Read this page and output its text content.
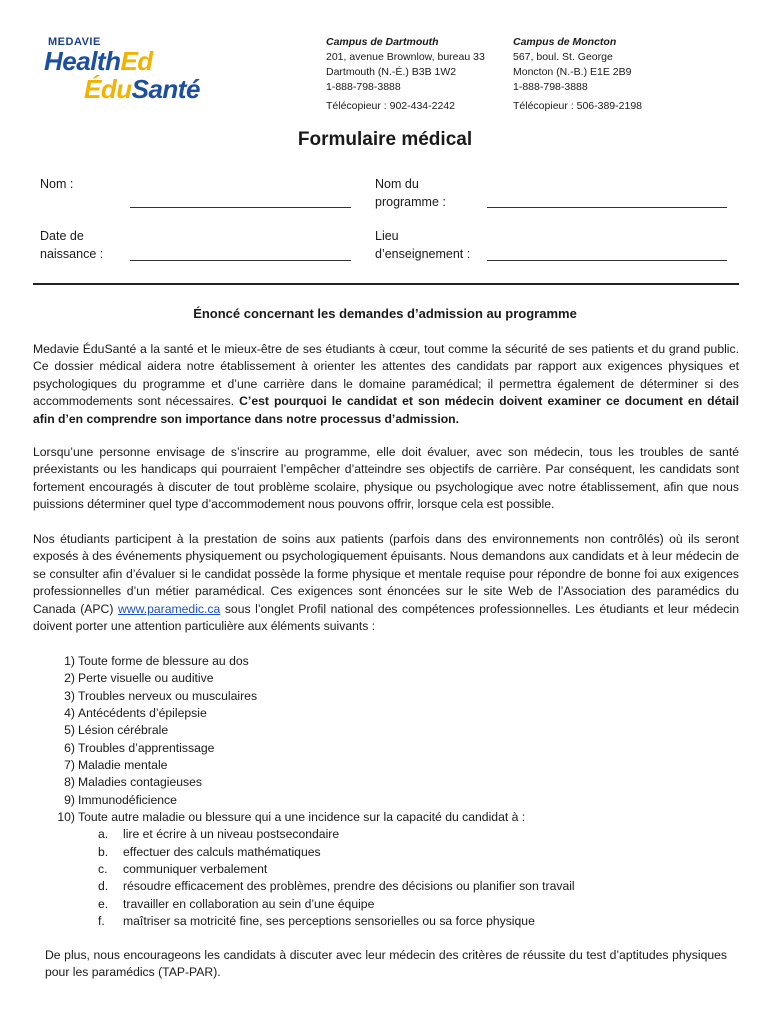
MEDAVIE
HealthEd
ÉduSanté
Campus de Dartmouth
201, avenue Brownlow, bureau 33
Dartmouth (N.-É.) B3B 1W2
1-888-798-3888
Télécopieur : 902-434-2242
Campus de Moncton
567, boul. St. George
Moncton (N.-B.) E1E 2B9
1-888-798-3888
Télécopieur : 506-389-2198
Formulaire médical
Nom :	Nom du
programme :
Date de
naissance :
Lieu
d’enseignement :
Énoncé concernant les demandes d’admission au programme

Medavie ÉduSanté a la santé et le mieux-être de ses étudiants à cœur, tout comme la sécurité de ses patients et du grand public. Ce dossier médical aidera notre établissement à orienter les attentes des candidats par rapport aux exigences physiques et psychologiques du programme et d’une carrière dans le domaine paramédical; il permettra également de déterminer si des accommodements sont nécessaires. C’est pourquoi le candidat et son médecin doivent examiner ce document en détail afin d’en comprendre son importance dans notre processus d’admission.

Lorsqu’une personne envisage de s’inscrire au programme, elle doit évaluer, avec son médecin, tous les troubles de santé préexistants ou les handicaps qui pourraient l’empêcher d’atteindre ses objectifs de carrière. Par conséquent, les candidats sont fortement encouragés à discuter de tout problème scolaire, physique ou psychologique avec notre établissement, afin que nous puissions déterminer quel type d’accommodement nous pouvons offrir, lorsque cela est possible.

Nos étudiants participent à la prestation de soins aux patients (parfois dans des environnements non contrôlés) où ils seront exposés à des événements physiquement ou psychologiquement épuisants. Nous demandons aux candidats et à leur médecin de se consulter afin d’évaluer si le candidat possède la forme physique et mentale requise pour répondre de bonne foi aux exigences professionnelles d’un métier paramédical. Ces exigences sont énoncées sur le site Web de l’Association des paramédics du Canada (APC) www.paramedic.ca sous l’onglet Profil national des compétences professionnelles. Les étudiants et leur médecin doivent porter une attention particulière aux éléments suivants :

1) Toute forme de blessure au dos
2) Perte visuelle ou auditive
3) Troubles nerveux ou musculaires
4) Antécédents d’épilepsie
5) Lésion cérébrale
6) Troubles d’apprentissage
7) Maladie mentale
8) Maladies contagieuses
9) Immunodéficience
10) Toute autre maladie ou blessure qui a une incidence sur la capacité du candidat à :
a. lire et écrire à un niveau postsecondaire
b. effectuer des calculs mathématiques
c. communiquer verbalement
d. résoudre efficacement des problèmes, prendre des décisions ou planifier son travail
e. travailler en collaboration au sein d’une équipe
f. maîtriser sa motricité fine, ses perceptions sensorielles ou sa force physique

De plus, nous encourageons les candidats à discuter avec leur médecin des critères de réussite du test d’aptitudes physiques pour les paramédics (TAP-PAR).
